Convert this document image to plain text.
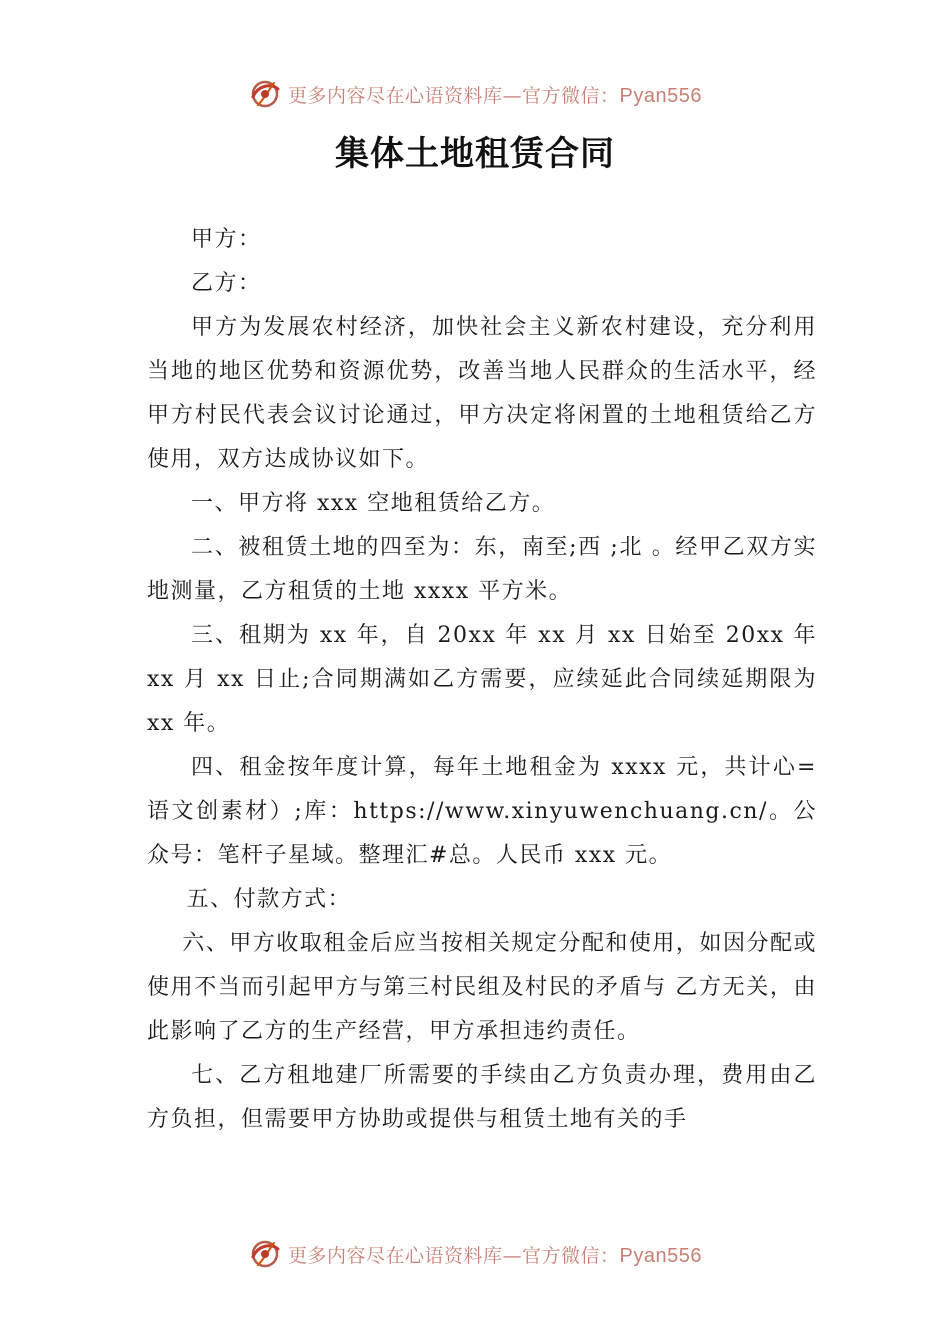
更多内容尽在心语资料库—官方微信：Pyan556
集体土地租赁合同

甲方：

乙方：

甲方为发展农村经济，加快社会主义新农村建设，充分利用当地的地区优势和资源优势，改善当地人民群众的生活水平，经甲方村民代表会议讨论通过，甲方决定将闲置的土地租赁给乙方使用，双方达成协议如下。

一、甲方将 xxx 空地租赁给乙方。

二、被租赁土地的四至为：东，南至;西 ;北 。经甲乙双方实地测量，乙方租赁的土地 xxxx 平方米。

三、租期为 xx 年，自 20xx 年 xx 月 xx 日始至 20xx 年 xx 月 xx 日止;合同期满如乙方需要，应续延此合同续延期限为 xx 年。

四、租金按年度计算，每年土地租金为 xxxx 元，共计心=语文创素材）;库：https://www.xinyuwenchuang.cn/。公众号：笔杆子星域。整理汇#总。人民币 xxx 元。

五、付款方式：

六、甲方收取租金后应当按相关规定分配和使用，如因分配或使用不当而引起甲方与第三村民组及村民的矛盾与 乙方无关，由此影响了乙方的生产经营，甲方承担违约责任。

七、乙方租地建厂所需要的手续由乙方负责办理，费用由乙方负担，但需要甲方协助或提供与租赁土地有关的手

更多内容尽在心语资料库—官方微信：Pyan556
